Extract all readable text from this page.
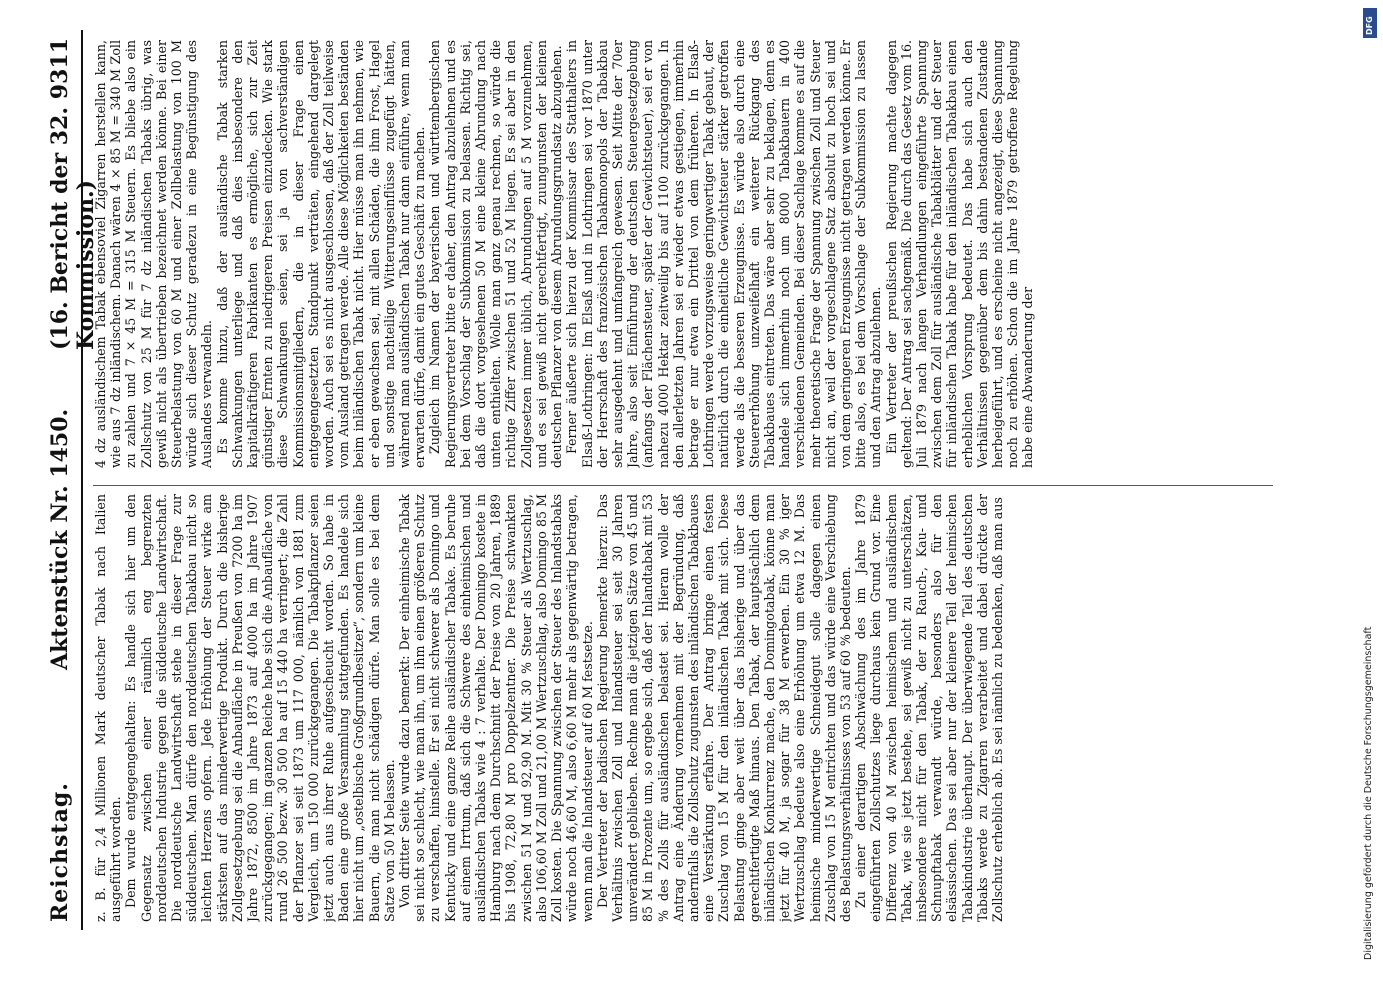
Reichstag.
Aktenstück Nr. 1450.
(16. Bericht der 32. Kommission.)
9311

z. B. für 2,4 Millionen Mark deutscher Tabak nach Italien ausgeführt worden. Dem wurde entgegengehalten: Es handle sich hier um den Gegensatz zwischen einer räumlich eng begrenzten norddeutschen Industrie gegen die süddeutsche Landwirtschaft. Die norddeutsche Landwirtschaft stehe in dieser Frage zur süddeutschen. Man dürfe den norddeutschen Tabakbau nicht so leichten Herzens opfern. Jede Erhöhung der Steuer wirke am stärksten auf das minderwertige Produkt. Durch die bisherige Zollgesetzgebung sei die Anbaufläche in Preußen von 7200 ha im Jahre 1872, 8500 im Jahre 1873 auf 4000 ha im Jahre 1907 zurückgegangen; im ganzen Reiche habe sich die Anbaufläche von rund 26 500 bezw. 30 500 ha auf 15 440 ha verringert; die Zahl der Pflanzer sei seit 1873 um 117 000, nämlich von 1881 zum Vergleich, um 150 000 zurückgegangen. Die Tabakpflanzer seien jetzt auch aus ihrer Ruhe aufgescheucht worden. So habe in Baden eine große Versammlung stattgefunden. Es handele sich hier nicht um „ostelbische Großgrundbesitzer“, sondern um kleine Bauern, die man nicht schädigen dürfe. Man solle es bei dem Satze von 50 M belassen. Von dritter Seite wurde dazu bemerkt: Der einheimische Tabak sei nicht so schlecht, wie man ihn, um ihm einen größeren Schutz zu verschaffen, hinstelle. Er sei nicht schwerer als Domingo und Kentucky und eine ganze Reihe ausländischer Tabake. Es beruhe auf einem Irrtum, daß sich die Schwere des einheimischen und ausländischen Tabaks wie 4 : 7 verhalte. Der Domingo kostete in Hamburg nach dem Durchschnitt der Preise von 20 Jahren, 1889 bis 1908, 72,80 M pro Doppelzentner. Die Preise schwankten zwischen 51 M und 92,90 M. Mit 30 % Steuer als Wertzuschlag, also 106,60 M Zoll und 21,00 M Wertzuschlag, also Domingo 85 M Zoll kosten. Die Spannung zwischen der Steuer des Inlandstabaks würde noch 46,60 M, also 6,60 M mehr als gegenwärtig betragen, wenn man die Inlandsteuer auf 60 M festsetze. Der Vertreter der badischen Regierung bemerkte hierzu: Das Verhältnis zwischen Zoll und Inlandsteuer sei seit 30 Jahren unverändert geblieben. Rechne man die jetzigen Sätze von 45 und 85 M in Prozente um, so ergebe sich, daß der Inlandtabak mit 53 % des Zolls für ausländischen belastet sei. Hieran wolle der Antrag eine Änderung vornehmen mit der Begründung, daß andernfalls die Zollschutz zugunsten des inländischen Tabakbaues eine Verstärkung erfahre. Der Antrag bringe einen festen Zuschlag von 15 M für den inländischen Tabak mit sich. Diese Belastung ginge aber weit über das bisherige und über das gerechtfertigte Maß hinaus. Den Tabak, der hauptsächlich dem inländischen Konkurrenz mache, den Domingotabak, könne man jetzt für 40 M, ja sogar für 38 M erwerben. Ein 30 % iger Wertzuschlag bedeute also eine Erhöhung um etwa 12 M. Das heimische minderwertige Schneidegut solle dagegen einen Zuschlag von 15 M entrichten und das würde eine Verschiebung des Belastungsverhältnisses von 53 auf 60 % bedeuten. Zu einer derartigen Abschwächung des im Jahre 1879 eingeführten Zollschutzes liege durchaus kein Grund vor. Eine Differenz von 40 M zwischen heimischem und ausländischem Tabak, wie sie jetzt bestehe, sei gewiß nicht zu unterschätzen, insbesondere nicht für den Tabak, der zu Rauch-, Kau- und Schnupftabak verwandt würde, besonders also für den elsässischen. Das sei aber nur der kleinere Teil der heimischen Tabakindustrie überhaupt. Der überwiegende Teil des deutschen Tabaks werde zu Zigarren verarbeitet und dabei drückte der Zollschutz erheblich ab. Es sei nämlich zu bedenken, daß man aus

4 dz ausländischem Tabak ebensoviel Zigarren herstellen kann, wie aus 7 dz inländischem. Danach wären 4 × 85 M = 340 M Zoll zu zahlen und 7 × 45 M = 315 M Steuern. Es bliebe also ein Zollschutz von 25 M für 7 dz inländischen Tabaks übrig, was gewiß nicht als übertrieben bezeichnet werden könne. Bei einer Steuerbelastung von 60 M und einer Zollbelastung von 100 M würde sich dieser Schutz geradezu in eine Begünstigung des Auslandes verwandeln. Es komme hinzu, daß der ausländische Tabak starken Schwankungen unterliege und daß dies insbesondere den kapitalkräftigeren Fabrikanten es ermögliche, sich zur Zeit günstiger Ernten zu niedrigeren Preisen einzudecken. Wie stark diese Schwankungen seien, sei ja von sachverständigen Kommissionsmitgliedern, die in dieser Frage einen entgegengesetzten Standpunkt verträten, eingehend dargelegt worden. Auch sei es nicht ausgeschlossen, daß der Zoll teilweise vom Ausland getragen werde. Alle diese Möglichkeiten beständen beim inländischen Tabak nicht. Hier müsse man ihn nehmen, wie er eben gewachsen sei, mit allen Schäden, die ihm Frost, Hagel und sonstige nachteilige Witterungseinflüsse zugefügt hätten, während man ausländischen Tabak nur dann einführe, wenn man erwarten dürfe, damit ein gutes Geschäft zu machen. Zugleich im Namen der bayerischen und württembergischen Regierungsvertreter bitte er daher, den Antrag abzulehnen und es bei dem Vorschlag der Subkommission zu belassen. Richtig sei, daß die dort vorgesehenen 50 M eine kleine Abrundung nach unten enthielten. Wolle man ganz genau rechnen, so würde die richtige Ziffer zwischen 51 und 52 M liegen. Es sei aber in den Zollgesetzen immer üblich, Abrundungen auf 5 M vorzunehmen, und es sei gewiß nicht gerechtfertigt, zuungunsten der kleinen deutschen Pflanzer von diesem Abrundungsgrundsatz abzugehen. Ferner äußerte sich hierzu der Kommissar des Statthalters in Elsaß-Lothringen: Im Elsaß und in Lothringen sei vor 1870 unter der Herrschaft des französischen Tabakmonopols der Tabakbau sehr ausgedehnt und umfangreich gewesen. Seit Mitte der 70er Jahre, also seit Einführung der deutschen Steuergesetzgebung (anfangs der Flächensteuer, später der Gewichtsteuer), sei er von nahezu 4000 Hektar zeitweilig bis auf 1100 zurückgegangen. In den allerletzten Jahren sei er wieder etwas gestiegen, immerhin betrage er nur etwa ein Drittel von dem früheren. In Elsaß-Lothringen werde vorzugsweise geringwertiger Tabak gebaut, der natürlich durch die einheitliche Gewichtsteuer stärker getroffen werde als die besseren Erzeugnisse. Es würde also durch eine Steuererhöhung unzweifelhaft ein weiterer Rückgang des Tabakbaues eintreten. Das wäre aber sehr zu beklagen, denn es handele sich immerhin noch um 8000 Tabakbauern in 400 verschiedenen Gemeinden. Bei dieser Sachlage komme es auf die mehr theoretische Frage der Spannung zwischen Zoll und Steuer nicht an, weil der vorgeschlagene Satz absolut zu hoch sei und von dem geringeren Erzeugnisse nicht getragen werden könne. Er bitte also, es bei dem Vorschlage der Subkommission zu lassen und den Antrag abzulehnen. Ein Vertreter der preußischen Regierung machte dagegen geltend: Der Antrag sei sachgemäß. Die durch das Gesetz vom 16. Juli 1879 nach langen Verhandlungen eingeführte Spannung zwischen dem Zoll für ausländische Tabakblätter und der Steuer für inländischen Tabak habe für den inländischen Tabakbau einen erheblichen Vorsprung bedeutet. Das habe sich auch den Verhältnissen gegenüber dem bis dahin bestandenen Zustande herbeigeführt, und es erscheine nicht angezeigt, diese Spannung noch zu erhöhen. Schon die im Jahre 1879 getroffene Regelung habe eine Abwanderung der

DFG
Digitalisierung gefördert durch die Deutsche Forschungsgemeinschaft
